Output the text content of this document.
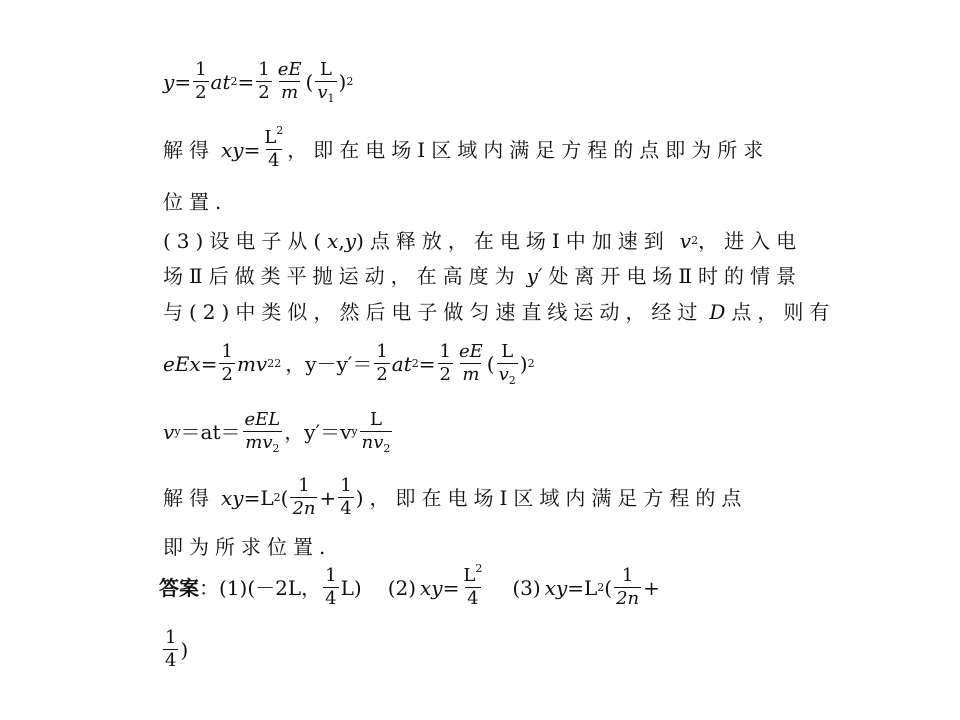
$y = \frac{1}{2}$ at $2 = \frac{1}{2} \frac{eE}{m}$ ( $\frac{L}{v_1}$ ) 2
解得 xy = $\frac{L^2}{4}$ ，即在电场Ⅰ区域内满足方程的点即为所求
位置.
(3)设电子从( x , y )点释放，在电场Ⅰ中加速到 v 2 ，进入电
场Ⅱ后做类平抛运动，在高度为 y′ 处离开电场Ⅱ时的情景
与(2)中类似，然后电子做匀速直线运动，经过 D 点，则有
eEx = $\frac{1}{2}$ mv 2 2 ，$y-y'= \frac{1}{2}$ at $2 = \frac{1}{2} \frac{eE}{m}$ ( $\frac{L}{v_2}$ ) 2
v $y =at= \frac{\text{eEL}}{mv_2}$ ，y′＝v y $\frac{L}{nv_2}$
解得 xy = L 2 ( $\frac{1}{2n} + \frac{1}{4}$ )，即在电场Ⅰ区域内满足方程的点
即为所求位置.
答案 ： (1)(－2L， $\frac{1}{4} L$) (2) xy = $\frac{L^2}{4} (3)$ xy = L 2 ( $\frac{1}{2n}$ +
$\frac{1}{4}$ )
